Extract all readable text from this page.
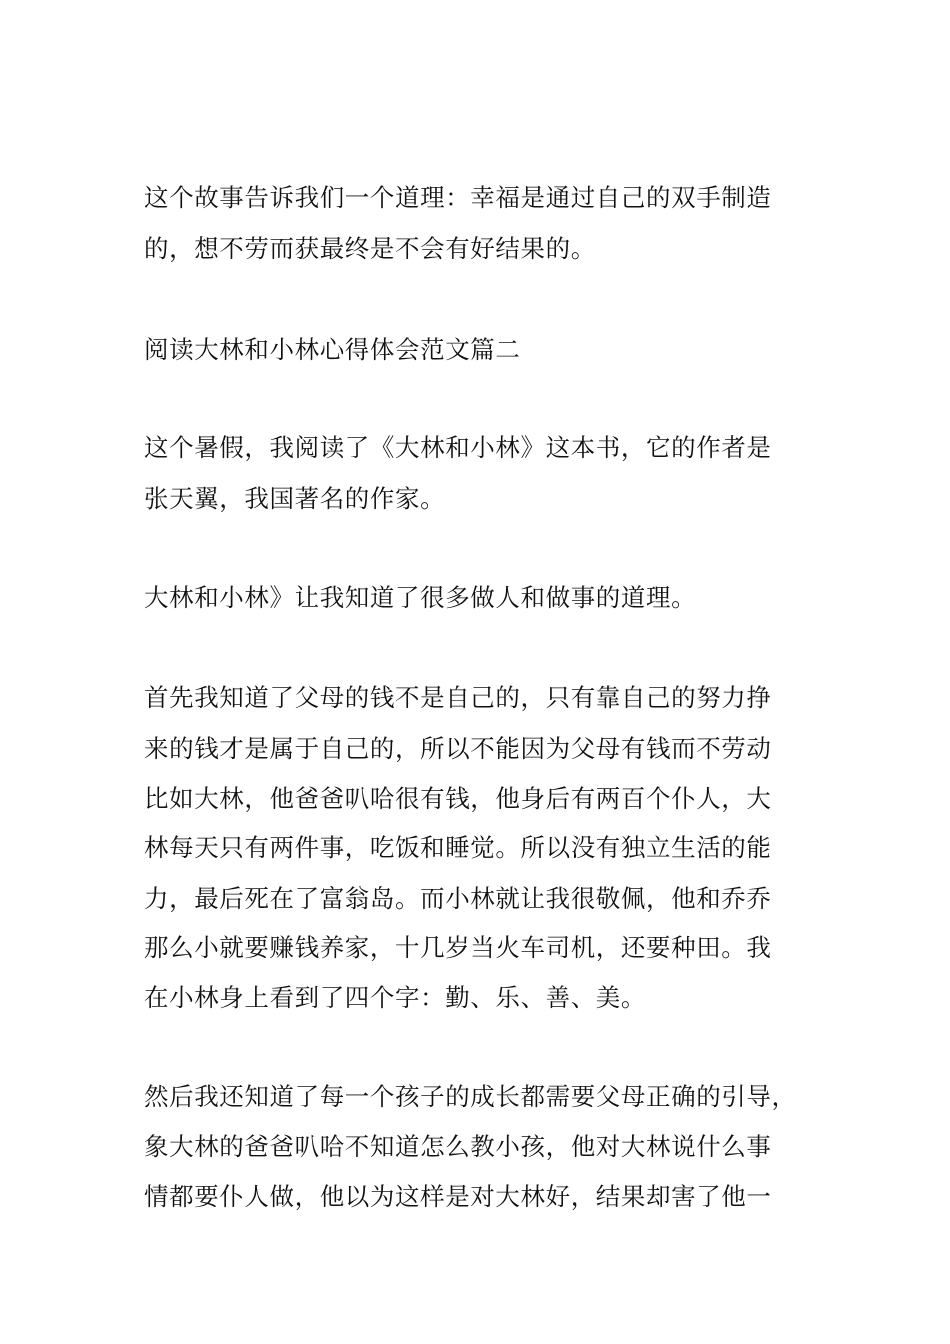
这个故事告诉我们一个道理：幸福是通过自己的双手制造
的，想不劳而获最终是不会有好结果的。
阅读大林和小林心得体会范文篇二
这个暑假，我阅读了《大林和小林》这本书，它的作者是
张天翼，我国著名的作家。
大林和小林》让我知道了很多做人和做事的道理。
首先我知道了父母的钱不是自己的，只有靠自己的努力挣
来的钱才是属于自己的，所以不能因为父母有钱而不劳动
比如大林，他爸爸叭哈很有钱，他身后有两百个仆人，大
林每天只有两件事，吃饭和睡觉。所以没有独立生活的能
力，最后死在了富翁岛。而小林就让我很敬佩，他和乔乔
那么小就要赚钱养家，十几岁当火车司机，还要种田。我
在小林身上看到了四个字：勤、乐、善、美。
然后我还知道了每一个孩子的成长都需要父母正确的引导，
象大林的爸爸叭哈不知道怎么教小孩，他对大林说什么事
情都要仆人做，他以为这样是对大林好，结果却害了他一
